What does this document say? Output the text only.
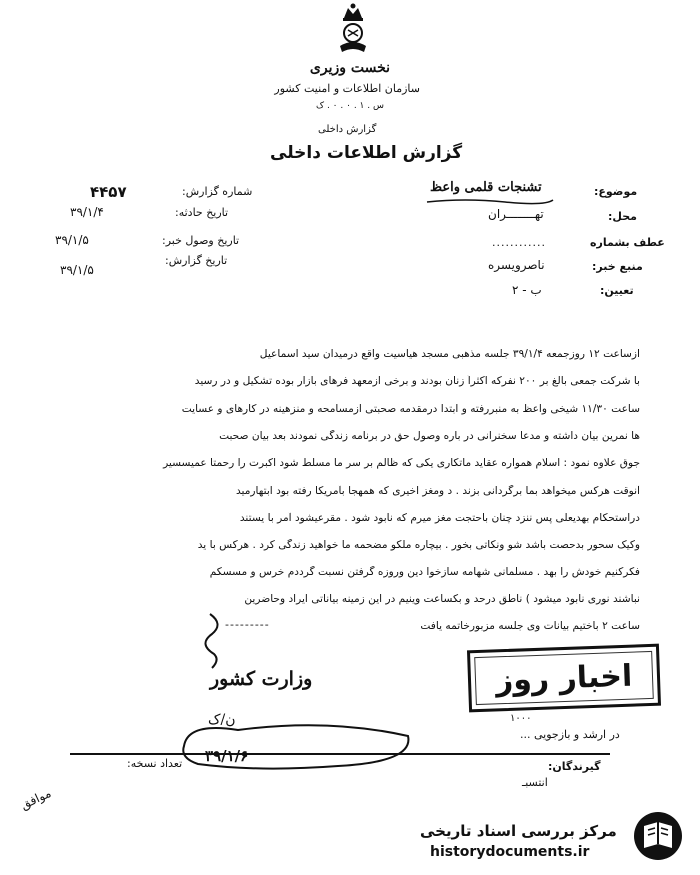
نخست وزیری
سازمان اطلاعات و امنیت کشور
س . ۱ . ۰ . ۰ . ک
گزارش داخلی
گزارش اطلاعات داخلی
شماره گزارش:
۴۴۵۷
تاریخ حادثه:
۳۹/۱/۴
تاریخ وصول خبر:
۳۹/۱/۵
تاریخ گزارش:
۳۹/۱/۵
موضوع:
تشنجات قلمی واعظ
محل:
تهــــــــران
عطف بشماره
............
منبع خبر:
ناصرویسره
تعیین:
ب - ۲
ازساعت ۱۲ روزجمعه ۳۹/۱/۴ جلسه مذهبی مسجد هیاسیت واقع درمیدان سید اسماعیل
با شرکت جمعی بالغ بر ۲۰۰ نفرکه اکثراً زنان بودند و برخی ازمعهد فرهای بازار بوده تشکیل و در رسید
ساعت ۱۱/۳۰ شیخی واعظ به منبررفته و ابتدا درمقدمه صحبتی ازمسامحه و منزهینه در کارهای و عسایت
ها نمرین بیان داشته و مدعا سخنرانی در باره وصول حق در برنامه زندگی نمودند بعد بیان صحبت
جوق علاوه نمود : اسلام همواره عقاید ماتکاری یکی که ظالم بر سر ما مسلط شود اکبرت را رحمتا عمیسسیر
آنوقت هرکس میخواهد بما برگردانی بزند . د ومغز اخیری که همهجا بآمریکا رفته بود ابتهارمید
دراستحکام بهدیعلی پس ننزد چنان باحتجت مغز میرم که نابود شود . مقرعیشود آمر با یستند
وکیک سحور بدحصت باشد شو ونکاتی بخور . بیچاره ملّکو مضحمه ما خواهید زندگی کرد . هرکس با ید
فکرکنیم خودش را بهد . مسلمانی شهامه سازخوا دین وروزه گرفتن نسبت گرددم خرس و مسسکم
نباشند نوری نابود میشود ) ناطق درحد و بکساعت وینیم در این زمینه بیاناتی ایراد وحاضرین
ساعت ۲ باختیم بیانات وی جلسه مزبورخاتمه یافت
---------
وزارت کشور
ن/ک
۳۹/۱/۶
اخبار روز
۱۰۰۰
در ارشد و بازجویی ...
تعداد نسخه:	گیرندگان:
انتسبـ
موافق
مرکز بررسی اسناد تاریخی
historydocuments.ir
